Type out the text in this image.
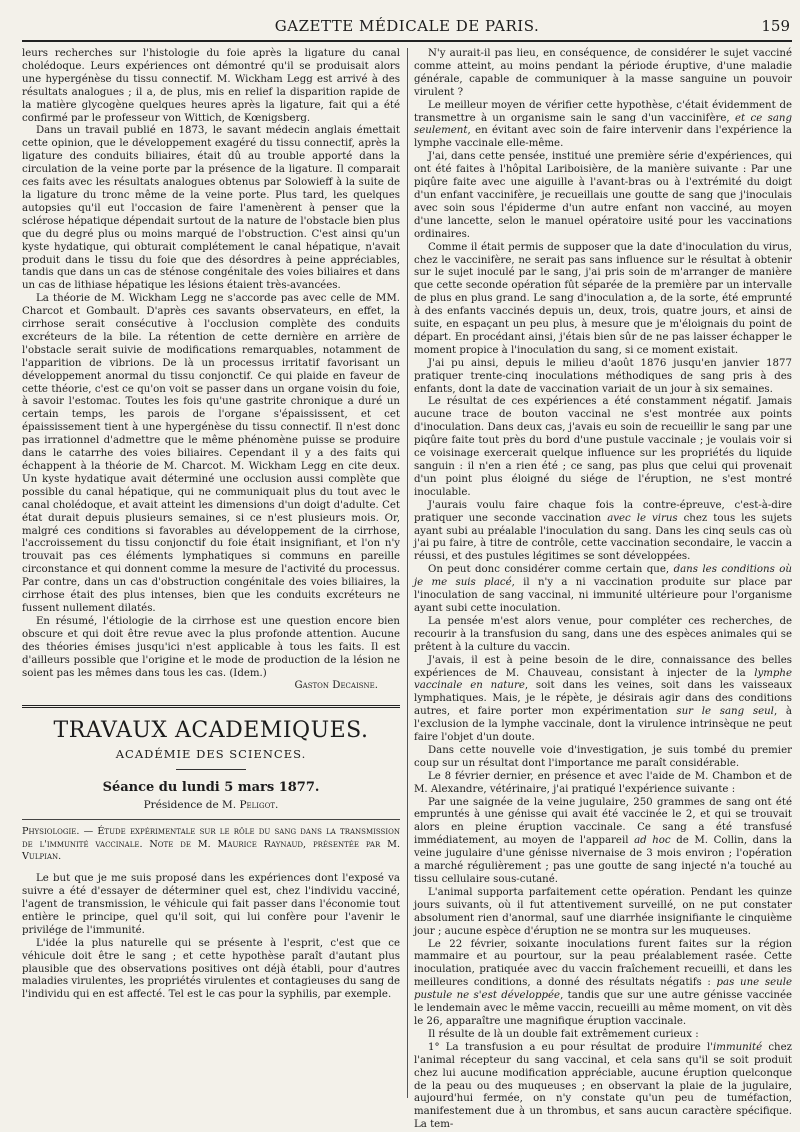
GAZETTE MÉDICALE DE PARIS.	159

leurs recherches sur l'histologie du foie après la ligature du canal cholédoque. Leurs expériences ont démontré qu'il se produisait alors une hypergénèse du tissu connectif. M. Wickham Legg est arrivé à des résultats analogues ; il a, de plus, mis en relief la disparition rapide de la matière glycogène quelques heures après la ligature, fait qui a été confirmé par le professeur von Wittich, de Kœnigsberg.

Dans un travail publié en 1873, le savant médecin anglais émettait cette opinion, que le développement exagéré du tissu connectif, après la ligature des conduits biliaires, était dû au trouble apporté dans la circulation de la veine porte par la présence de la ligature. Il comparait ces faits avec les résultats analogues obtenus par Solowieff à la suite de la ligature du tronc même de la veine porte. Plus tard, les quelques autopsies qu'il eut l'occasion de faire l'amenèrent à penser que la sclérose hépatique dépendait surtout de la nature de l'obstacle bien plus que du degré plus ou moins marqué de l'obstruction. C'est ainsi qu'un kyste hydatique, qui obturait complétement le canal hépatique, n'avait produit dans le tissu du foie que des désordres à peine appréciables, tandis que dans un cas de sténose congénitale des voies biliaires et dans un cas de lithiase hépatique les lésions étaient très-avancées.

La théorie de M. Wickham Legg ne s'accorde pas avec celle de MM. Charcot et Gombault. D'après ces savants observateurs, en effet, la cirrhose serait consécutive à l'occlusion complète des conduits excréteurs de la bile. La rétention de cette dernière en arrière de l'obstacle serait suivie de modifications remarquables, notamment de l'apparition de vibrions. De là un processus irritatif favorisant un développement anormal du tissu conjonctif. Ce qui plaide en faveur de cette théorie, c'est ce qu'on voit se passer dans un organe voisin du foie, à savoir l'estomac. Toutes les fois qu'une gastrite chronique a duré un certain temps, les parois de l'organe s'épaississent, et cet épaississement tient à une hypergénèse du tissu connectif. Il n'est donc pas irrationnel d'admettre que le même phénomène puisse se produire dans le catarrhe des voies biliaires. Cependant il y a des faits qui échappent à la théorie de M. Charcot. M. Wickham Legg en cite deux. Un kyste hydatique avait déterminé une occlusion aussi complète que possible du canal hépatique, qui ne communiquait plus du tout avec le canal cholédoque, et avait atteint les dimensions d'un doigt d'adulte. Cet état durait depuis plusieurs semaines, si ce n'est plusieurs mois. Or, malgré ces conditions si favorables au développement de la cirrhose, l'accroissement du tissu conjonctif du foie était insignifiant, et l'on n'y trouvait pas ces éléments lymphatiques si communs en pareille circonstance et qui donnent comme la mesure de l'activité du processus. Par contre, dans un cas d'obstruction congénitale des voies biliaires, la cirrhose était des plus intenses, bien que les conduits excréteurs ne fussent nullement dilatés.

En résumé, l'étiologie de la cirrhose est une question encore bien obscure et qui doit être revue avec la plus profonde attention. Aucune des théories émises jusqu'ici n'est applicable à tous les faits. Il est d'ailleurs possible que l'origine et le mode de production de la lésion ne soient pas les mêmes dans tous les cas. (Idem.)

Gaston Decaisne.

TRAVAUX ACADEMIQUES.
ACADÉMIE DES SCIENCES.
Séance du lundi 5 mars 1877.
Présidence de M. Peligot.

Physiologie. — Étude expérimentale sur le rôle du sang dans la transmission de l'immunité vaccinale. Note de M. Maurice Raynaud, présentée par M. Vulpian.

Le but que je me suis proposé dans les expériences dont l'exposé va suivre a été d'essayer de déterminer quel est, chez l'individu vacciné, l'agent de transmission, le véhicule qui fait passer dans l'économie tout entière le principe, quel qu'il soit, qui lui confère pour l'avenir le privilége de l'immunité.

L'idée la plus naturelle qui se présente à l'esprit, c'est que ce véhicule doit être le sang ; et cette hypothèse paraît d'autant plus plausible que des observations positives ont déjà établi, pour d'autres maladies virulentes, les propriétés virulentes et contagieuses du sang de l'individu qui en est affecté. Tel est le cas pour la syphilis, par exemple.

N'y aurait-il pas lieu, en conséquence, de considérer le sujet vacciné comme atteint, au moins pendant la période éruptive, d'une maladie générale, capable de communiquer à la masse sanguine un pouvoir virulent ?

Le meilleur moyen de vérifier cette hypothèse, c'était évidemment de transmettre à un organisme sain le sang d'un vaccinifère, et ce sang seulement, en évitant avec soin de faire intervenir dans l'expérience la lymphe vaccinale elle-même.

J'ai, dans cette pensée, institué une première série d'expériences, qui ont été faites à l'hôpital Lariboisière, de la manière suivante : Par une piqûre faite avec une aiguille à l'avant-bras ou à l'extrémité du doigt d'un enfant vaccinifère, je recueillais une goutte de sang que j'inoculais avec soin sous l'épiderme d'un autre enfant non vacciné, au moyen d'une lancette, selon le manuel opératoire usité pour les vaccinations ordinaires.

Comme il était permis de supposer que la date d'inoculation du virus, chez le vaccinifère, ne serait pas sans influence sur le résultat à obtenir sur le sujet inoculé par le sang, j'ai pris soin de m'arranger de manière que cette seconde opération fût séparée de la première par un intervalle de plus en plus grand. Le sang d'inoculation a, de la sorte, été emprunté à des enfants vaccinés depuis un, deux, trois, quatre jours, et ainsi de suite, en espaçant un peu plus, à mesure que je m'éloignais du point de départ. En procédant ainsi, j'étais bien sûr de ne pas laisser échapper le moment propice à l'inoculation du sang, si ce moment existait.

J'ai pu ainsi, depuis le milieu d'août 1876 jusqu'en janvier 1877 pratiquer trente-cinq inoculations méthodiques de sang pris à des enfants, dont la date de vaccination variait de un jour à six semaines.

Le résultat de ces expériences a été constamment négatif. Jamais aucune trace de bouton vaccinal ne s'est montrée aux points d'inoculation. Dans deux cas, j'avais eu soin de recueillir le sang par une piqûre faite tout près du bord d'une pustule vaccinale ; je voulais voir si ce voisinage exercerait quelque influence sur les propriétés du liquide sanguin : il n'en a rien été ; ce sang, pas plus que celui qui provenait d'un point plus éloigné du siége de l'éruption, ne s'est montré inoculable.

J'aurais voulu faire chaque fois la contre-épreuve, c'est-à-dire pratiquer une seconde vaccination avec le virus chez tous les sujets ayant subi au préalable l'inoculation du sang. Dans les cinq seuls cas où j'ai pu faire, à titre de contrôle, cette vaccination secondaire, le vaccin a réussi, et des pustules légitimes se sont développées.

On peut donc considérer comme certain que, dans les conditions où je me suis placé, il n'y a ni vaccination produite sur place par l'inoculation de sang vaccinal, ni immunité ultérieure pour l'organisme ayant subi cette inoculation.

La pensée m'est alors venue, pour compléter ces recherches, de recourir à la transfusion du sang, dans une des espèces animales qui se prêtent à la culture du vaccin.

J'avais, il est à peine besoin de le dire, connaissance des belles expériences de M. Chauveau, consistant à injecter de la lymphe vaccinale en nature, soit dans les veines, soit dans les vaisseaux lymphatiques. Mais, je le répète, je désirais agir dans des conditions autres, et faire porter mon expérimentation sur le sang seul, à l'exclusion de la lymphe vaccinale, dont la virulence intrinsèque ne peut faire l'objet d'un doute.

Dans cette nouvelle voie d'investigation, je suis tombé du premier coup sur un résultat dont l'importance me paraît considérable.

Le 8 février dernier, en présence et avec l'aide de M. Chambon et de M. Alexandre, vétérinaire, j'ai pratiqué l'expérience suivante :

Par une saignée de la veine jugulaire, 250 grammes de sang ont été empruntés à une génisse qui avait été vaccinée le 2, et qui se trouvait alors en pleine éruption vaccinale. Ce sang a été transfusé immédiatement, au moyen de l'appareil ad hoc de M. Collin, dans la veine jugulaire d'une génisse nivernaise de 3 mois environ ; l'opération a marché régulièrement ; pas une goutte de sang injecté n'a touché au tissu cellulaire sous-cutané.

L'animal supporta parfaitement cette opération. Pendant les quinze jours suivants, où il fut attentivement surveillé, on ne put constater absolument rien d'anormal, sauf une diarrhée insignifiante le cinquième jour ; aucune espèce d'éruption ne se montra sur les muqueuses.

Le 22 février, soixante inoculations furent faites sur la région mammaire et au pourtour, sur la peau préalablement rasée. Cette inoculation, pratiquée avec du vaccin fraîchement recueilli, et dans les meilleures conditions, a donné des résultats négatifs : pas une seule pustule ne s'est développée, tandis que sur une autre génisse vaccinée le lendemain avec le même vaccin, recueilli au même moment, on vit dès le 26, apparaître une magnifique éruption vaccinale.

Il résulte de là un double fait extrêmement curieux :

1° La transfusion a eu pour résultat de produire l'immunité chez l'animal récepteur du sang vaccinal, et cela sans qu'il se soit produit chez lui aucune modification appréciable, aucune éruption quelconque de la peau ou des muqueuses ; en observant la plaie de la jugulaire, aujourd'hui fermée, on n'y constate qu'un peu de tuméfaction, manifestement due à un thrombus, et sans aucun caractère spécifique. La tem-
